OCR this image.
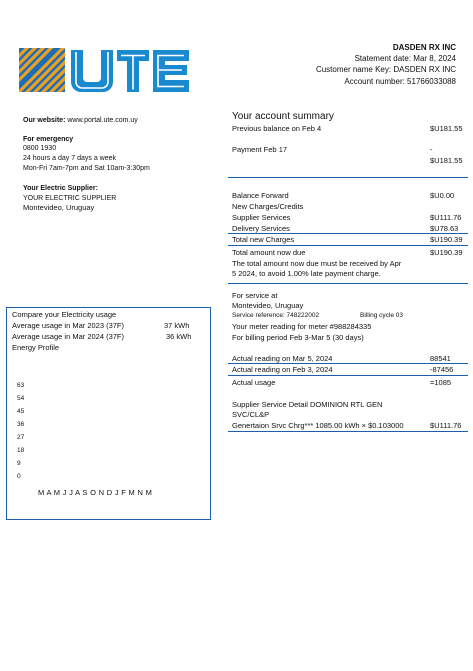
DASDEN RX INC
Statement date: Mar 8, 2024
Customer name Key: DASDEN RX INC
Account number: 51766033088
Our website: www.portal.ute.com.uy
For emergency
0800 1930
24 hours a day 7 days a week
Mon-Fri 7am-7pm and Sat 10am-3:30pm
Your Electric Supplier:
YOUR ELECTRIC SUPPLIER
Montevideo, Uruguay
Your account summary
Previous balance on Feb 4	$U181.55
Payment Feb 17	-
$U181.55
Balance Forward	$U0.00
New Charges/Credits
Supplier Services	$U111.76
Delivery Services	$U78.63
Total new Charges	$U190.39
Total amount now due	$U190.39
The total amount now due must be received by Apr
5 2024, to avoid 1.00% late payment charge.
For service at
Montevideo, Uruguay
Service reference: 748222002	Billing cycle 03
Your meter reading for meter #988284335
For billing period Feb 3-Mar 5 (30 days)
Actual reading on Mar 5, 2024	88541
Actual reading on Feb 3, 2024	-87456
Actual usage	=1085
Supplier Service Detail DOMINION RTL GEN
SVC/CL&P
Genertaion Srvc Chrg*** 1085.00 kWh × $0.103000	$U111.76
Compare your Electricity usage
Average usage in Mar 2023 (37F)	37 kWh
Average usage in Mar 2024 (37F)	36 kWh
Energy Profile
63
54
45
36
27
18
9
0
M A M J J A S O N D J F M N M
